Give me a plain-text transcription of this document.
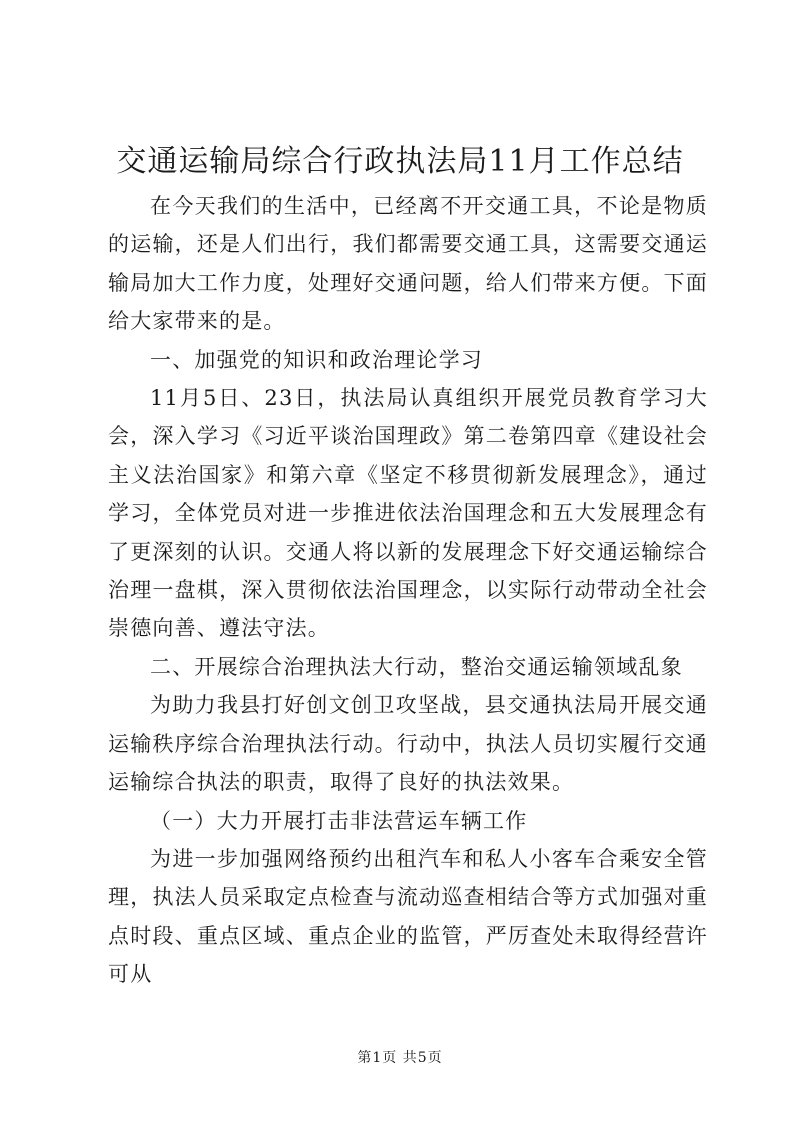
交通运输局综合行政执法局11月工作总结

在今天我们的生活中，已经离不开交通工具，不论是物质的运输，还是人们出行，我们都需要交通工具，这需要交通运输局加大工作力度，处理好交通问题，给人们带来方便。下面给大家带来的是。

一、加强党的知识和政治理论学习

11月5日、23日，执法局认真组织开展党员教育学习大会，深入学习《习近平谈治国理政》第二卷第四章《建设社会主义法治国家》和第六章《坚定不移贯彻新发展理念》，通过学习，全体党员对进一步推进依法治国理念和五大发展理念有了更深刻的认识。交通人将以新的发展理念下好交通运输综合治理一盘棋，深入贯彻依法治国理念，以实际行动带动全社会崇德向善、遵法守法。

二、开展综合治理执法大行动，整治交通运输领域乱象

为助力我县打好创文创卫攻坚战，县交通执法局开展交通运输秩序综合治理执法行动。行动中，执法人员切实履行交通运输综合执法的职责，取得了良好的执法效果。

（一）大力开展打击非法营运车辆工作

为进一步加强网络预约出租汽车和私人小客车合乘安全管理，执法人员采取定点检查与流动巡查相结合等方式加强对重点时段、重点区域、重点企业的监管，严厉查处未取得经营许可从

第1页 共5页
